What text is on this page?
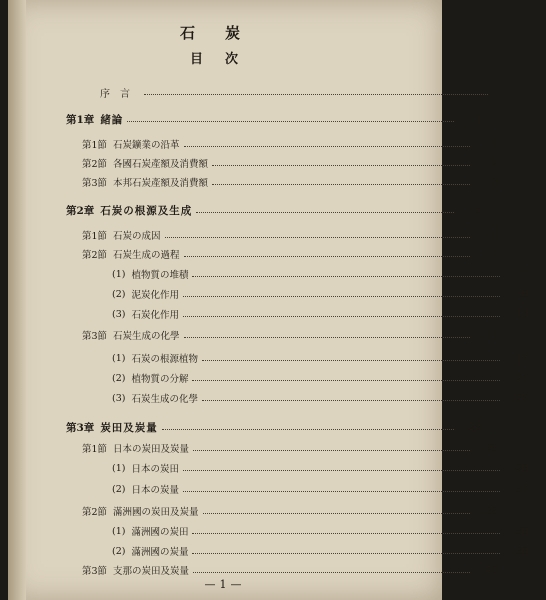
石炭
目次
序言
第1章 緒論	1
第1節 石炭鑛業の沿革	1
第2節 各國石炭產額及消費額	2
第3節 本邦石炭產額及消費額	3
第2章 石炭の根源及生成	6
第1節 石炭の成因	6
第2節 石炭生成の過程	7
(1) 植物質の堆積	7
(2) 泥炭化作用	8
(3) 石炭化作用	13
第3節 石炭生成の化學	17
(1) 石炭の根源植物	17
(2) 植物質の分解	21
(3) 石炭生成の化學	25
第3章 炭田及炭量	28
第1節 日本の炭田及炭量	28
(1) 日本の炭田	28
(2) 日本の炭量	37
第2節 滿洲國の炭田及炭量	38
(1) 滿洲國の炭田	38
(2) 滿洲國の炭量	38
第3節 支那の炭田及炭量	40
—1—
